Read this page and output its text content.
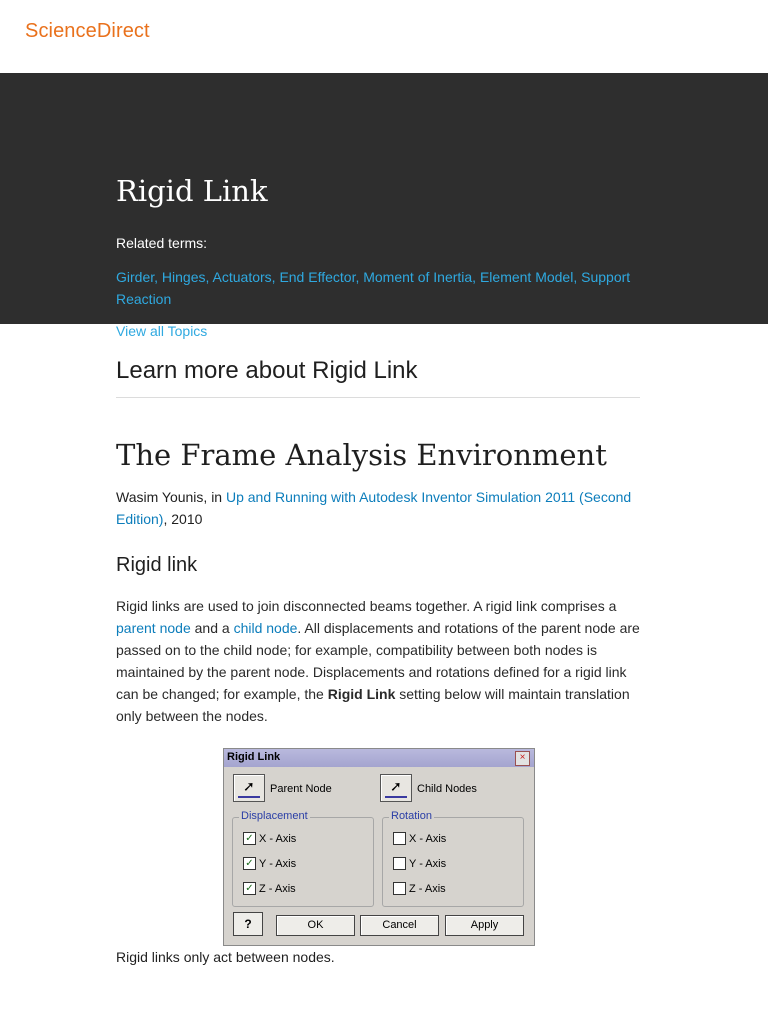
ScienceDirect
Rigid Link
Related terms:
Girder, Hinges, Actuators, End Effector, Moment of Inertia, Element Model, Support Reaction
View all Topics
Learn more about Rigid Link
The Frame Analysis Environment
Wasim Younis, in Up and Running with Autodesk Inventor Simulation 2011 (Second Edition), 2010
Rigid link

Rigid links are used to join disconnected beams together. A rigid link comprises a parent node and a child node. All displacements and rotations of the parent node are passed on to the child node; for example, compatibility between both nodes is maintained by the parent node. Displacements and rotations defined for a rigid link can be changed; for example, the Rigid Link setting below will maintain translation only between the nodes.

Rigid Link	×
➚ Parent Node	➚ Child Nodes
Displacement
✓ X - Axis
✓ Y - Axis
✓ Z - Axis
Rotation
X - Axis
Y - Axis
Z - Axis
?	OK	Cancel	Apply
Rigid links only act between nodes.
